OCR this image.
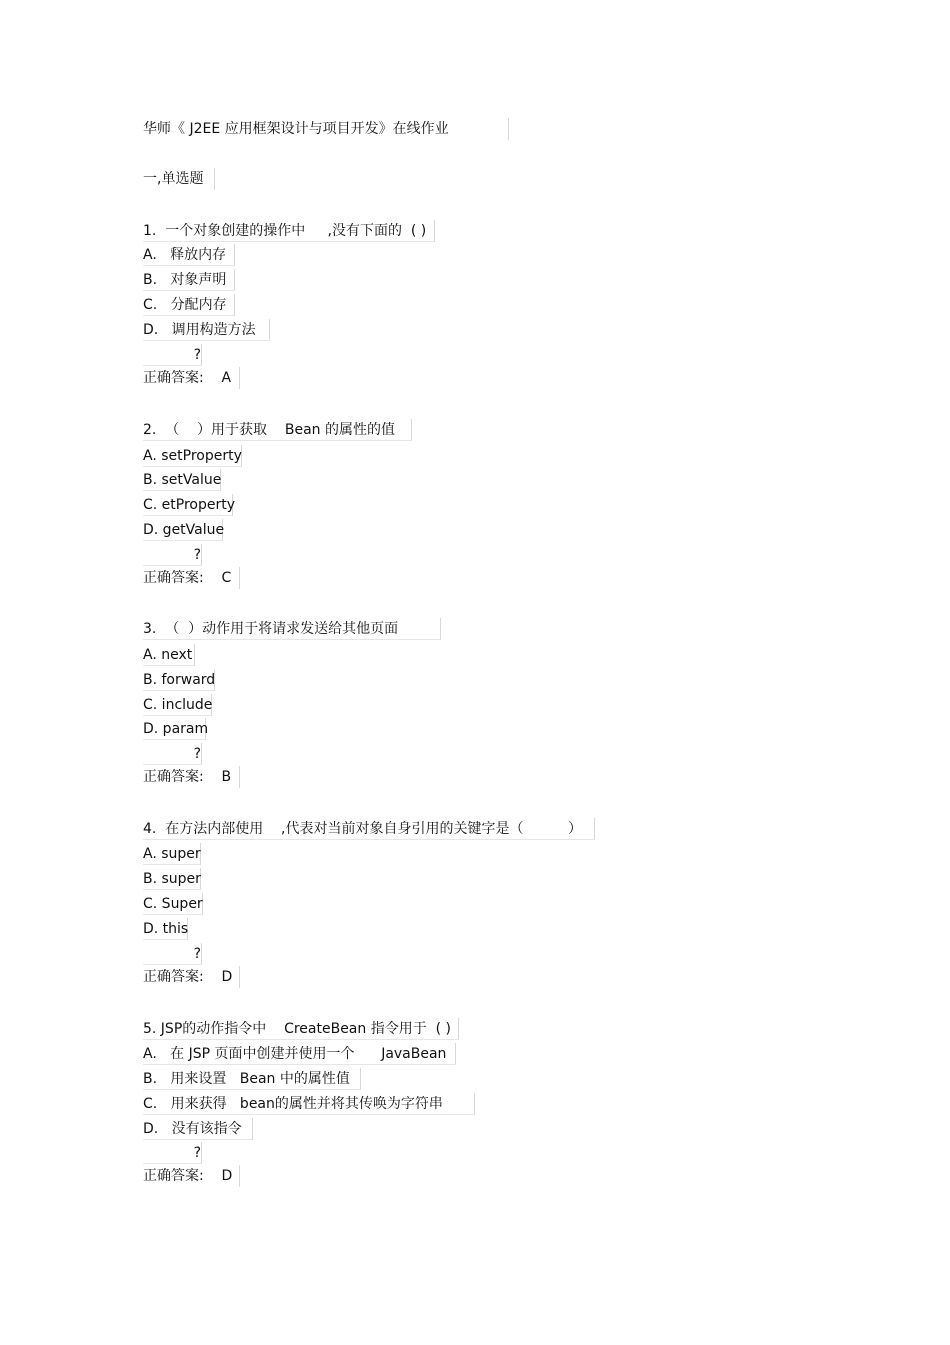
华师《 J2EE 应用框架设计与项目开发》在线作业
一,单选题
1.  一个对象创建的操作中     ,没有下面的  ( )
A.   释放内存
B.   对象声明
C.   分配内存
D.   调用构造方法
?
正确答案:    A
2.  （    ）用于获取    Bean 的属性的值
A. setProperty
B. setValue
C. etProperty
D. getValue
?
正确答案:    C
3.  （  ）动作用于将请求发送给其他页面
A. next
B. forward
C. include
D. param
?
正确答案:    B
4.  在方法内部使用    ,代表对当前对象自身引用的关键字是（          ）
A. super
B. super
C. Super
D. this
?
正确答案:    D
5. JSP的动作指令中    CreateBean 指令用于  ( )
A.   在 JSP 页面中创建并使用一个      JavaBean
B.   用来设置   Bean 中的属性值
C.   用来获得   bean的属性并将其传唤为字符串
D.   没有该指令
?
正确答案:    D
